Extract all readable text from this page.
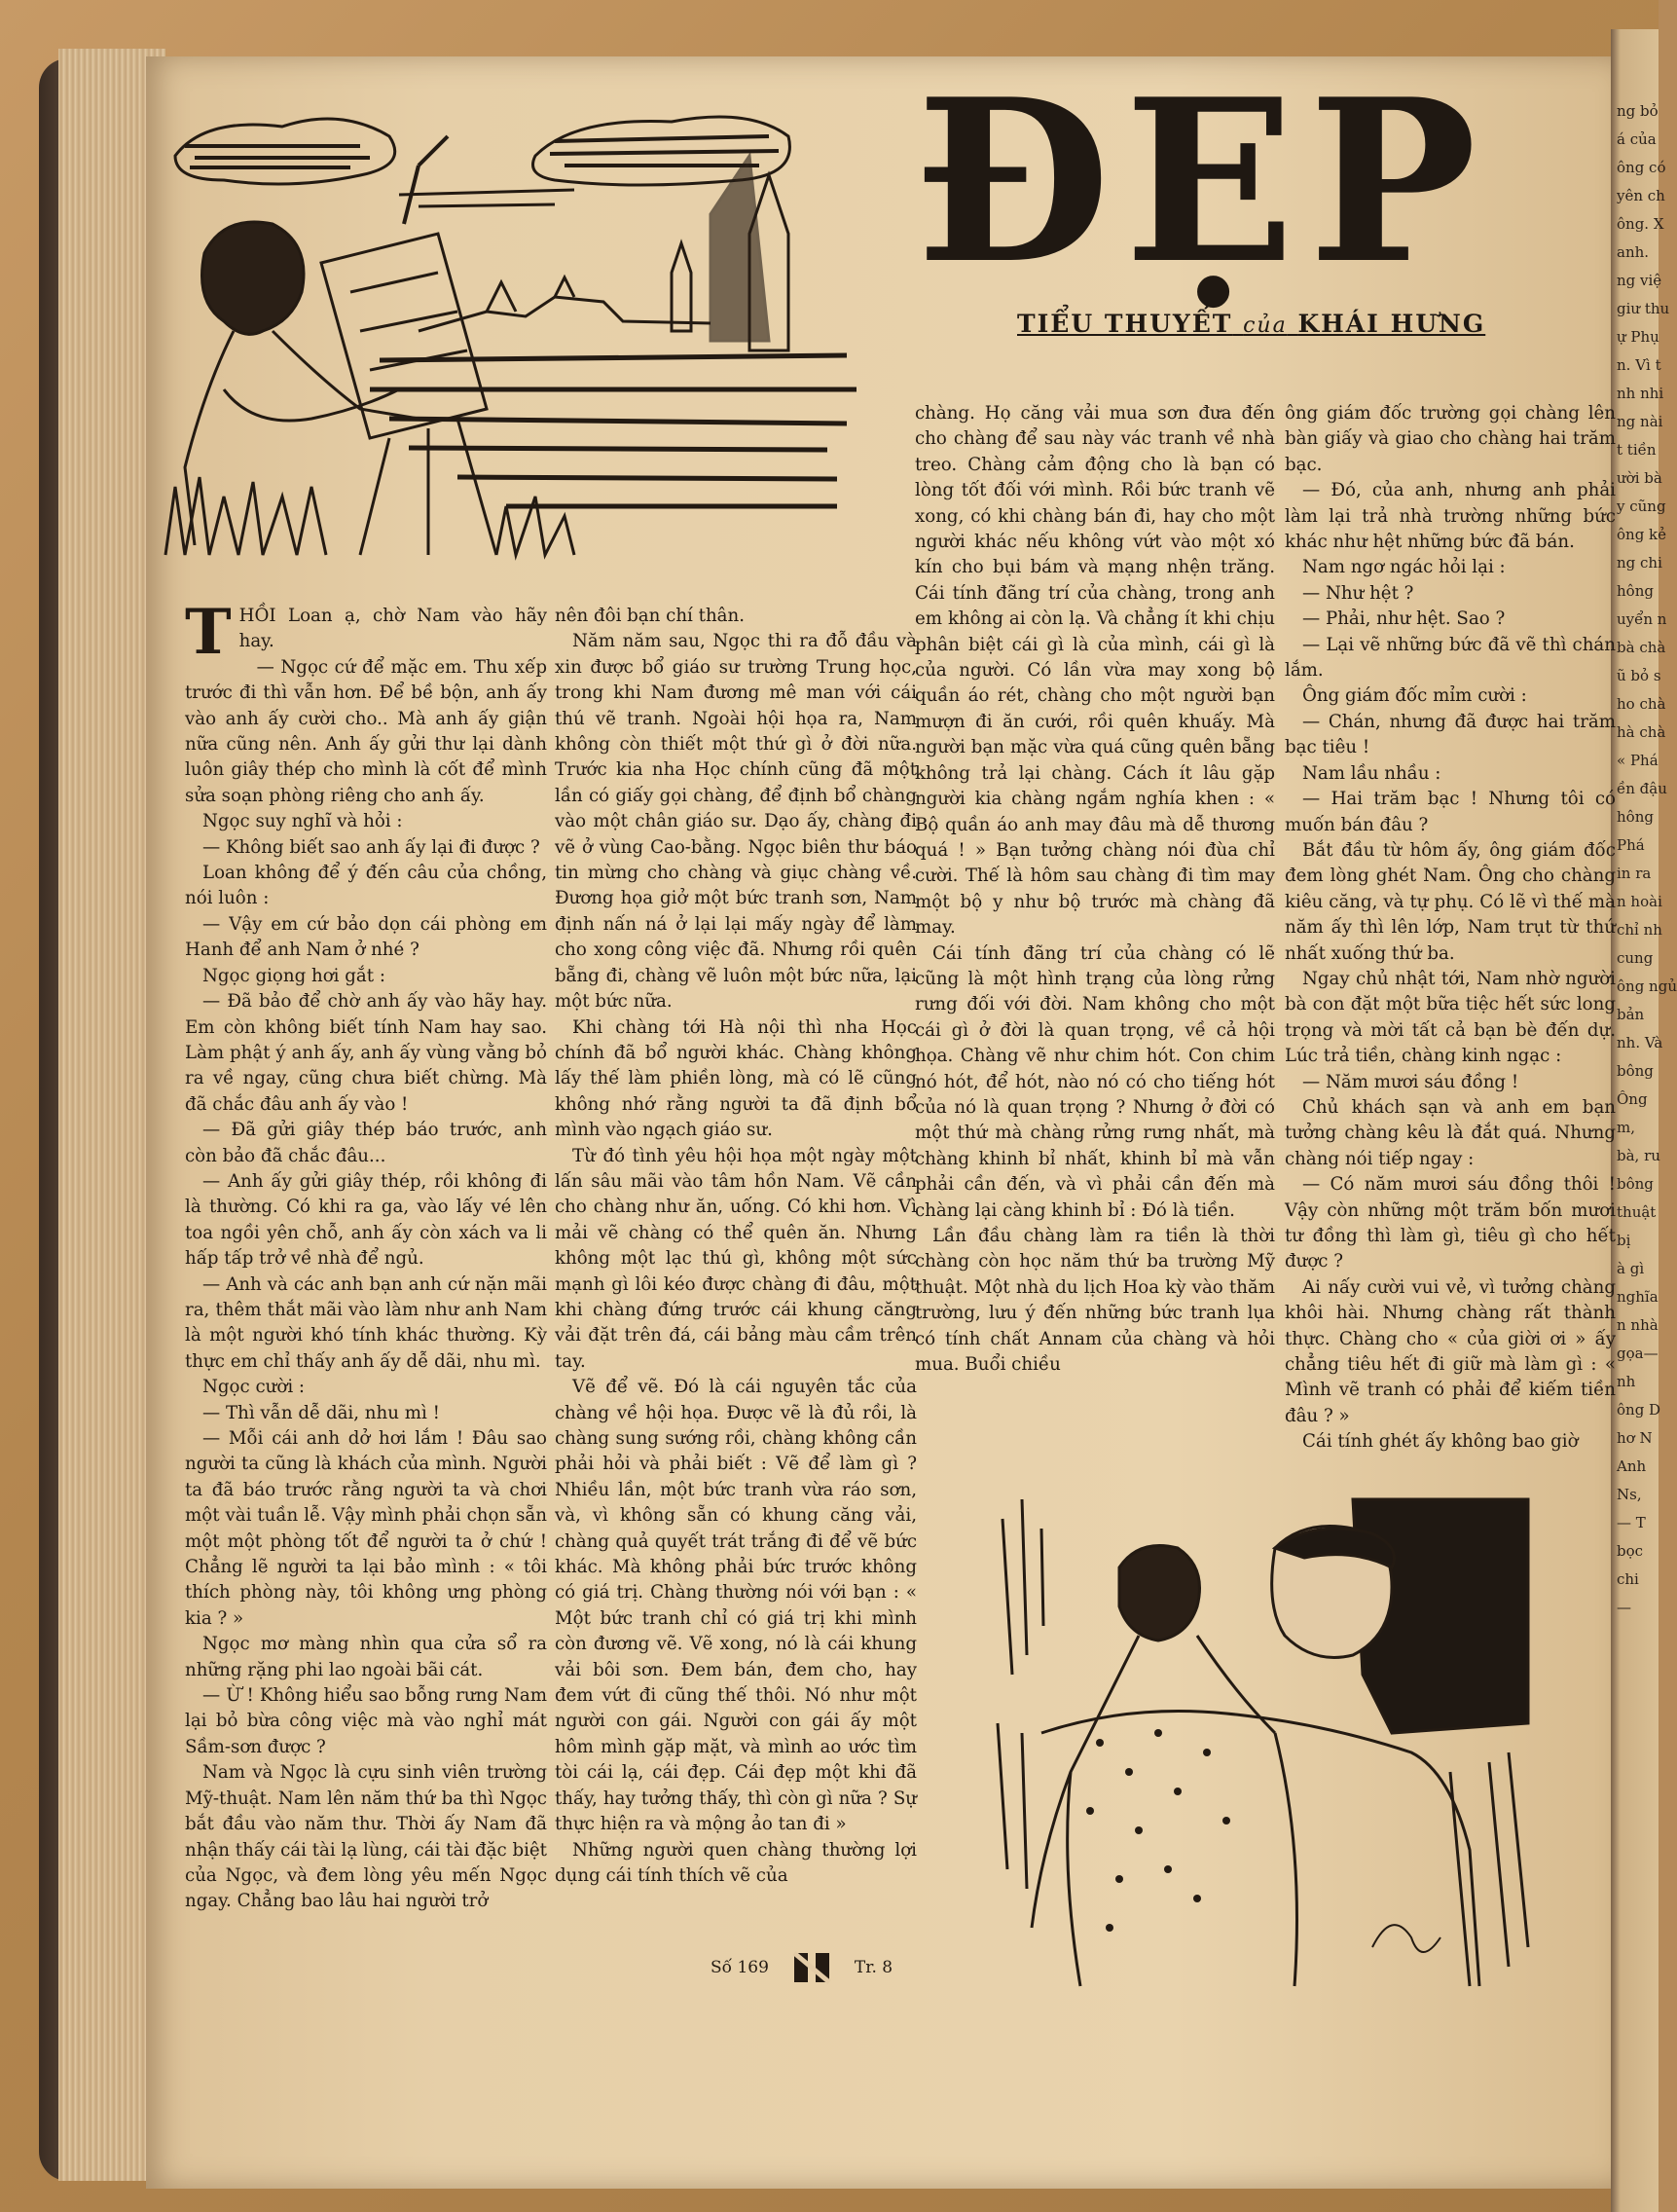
ng bỏ
á của
ông có
yên ch
ông. X
anh.
ng việ
giư thu
ự Phụ
n. Vì t
nh nhi
ng nài
t tiền
ười bà
y cũng
ông kẻ
ng chi
hông
uyển n
bà chà
ũ bỏ s
ho chà
hà chà
« Phá
ền đậu
hông
Phá
in ra
n hoài
chỉ nh
cung
ông ngủ
bản
nh. Và
bông
Ông
m,
bà, ru
bông
thuật
bị
à gì
nghĩa
n nhà
gọa—
nh
ông D
hơ N
Anh
Ns,
— T
bọc
chi
—
ĐẸP
TIỂU THUYẾT của KHÁI HƯNG
T HỒI Loan ạ, chờ Nam vào hãy hay.

— Ngọc cứ để mặc em. Thu xếp trước đi thì vẫn hơn. Để bề bộn, anh ấy vào anh ấy cười cho.. Mà anh ấy giận nữa cũng nên. Anh ấy gửi thư lại dành luôn giây thép cho mình là cốt để mình sửa soạn phòng riêng cho anh ấy.

Ngọc suy nghĩ và hỏi :

— Không biết sao anh ấy lại đi được ?

Loan không để ý đến câu của chồng, nói luôn :

— Vậy em cứ bảo dọn cái phòng em Hanh để anh Nam ở nhé ?

Ngọc giọng hơi gắt :

— Đã bảo để chờ anh ấy vào hãy hay. Em còn không biết tính Nam hay sao. Làm phật ý anh ấy, anh ấy vùng vằng bỏ ra về ngay, cũng chưa biết chừng. Mà đã chắc đâu anh ấy vào !

— Đã gửi giây thép báo trước, anh còn bảo đã chắc đâu...

— Anh ấy gửi giây thép, rồi không đi là thường. Có khi ra ga, vào lấy vé lên toa ngồi yên chỗ, anh ấy còn xách va li hấp tấp trở về nhà để ngủ.

— Anh và các anh bạn anh cứ nặn mãi ra, thêm thắt mãi vào làm như anh Nam là một người khó tính khác thường. Kỳ thực em chỉ thấy anh ấy dễ dãi, nhu mì.

Ngọc cười :

— Thì vẫn dễ dãi, nhu mì !

— Mỗi cái anh dở hơi lắm ! Đâu sao người ta cũng là khách của mình. Người ta đã báo trước rằng người ta và chơi một vài tuần lễ. Vậy mình phải chọn sẵn một một phòng tốt để người ta ở chứ ! Chẳng lẽ người ta lại bảo mình : « tôi thích phòng này, tôi không ưng phòng kia ? »

Ngọc mơ màng nhìn qua cửa sổ ra những rặng phi lao ngoài bãi cát.

— Ừ ! Không hiểu sao bỗng rưng Nam lại bỏ bừa công việc mà vào nghỉ mát Sầm-sơn được ?

Nam và Ngọc là cựu sinh viên trường Mỹ-thuật. Nam lên năm thứ ba thì Ngọc bắt đầu vào năm thư. Thời ấy Nam đã nhận thấy cái tài lạ lùng, cái tài đặc biệt của Ngọc, và đem lòng yêu mến Ngọc ngay. Chẳng bao lâu hai người trở

nên đôi bạn chí thân.

Năm năm sau, Ngọc thi ra đỗ đầu và xin được bổ giáo sư trường Trung học, trong khi Nam đương mê man với cái thú vẽ tranh. Ngoài hội họa ra, Nam không còn thiết một thứ gì ở đời nữa. Trước kia nha Học chính cũng đã một lần có giấy gọi chàng, để định bổ chàng vào một chân giáo sư. Dạo ấy, chàng đi vẽ ở vùng Cao-bằng. Ngọc biên thư báo tin mừng cho chàng và giục chàng về. Đương họa giở một bức tranh sơn, Nam định nấn ná ở lại lại mấy ngày để làm cho xong công việc đã. Nhưng rồi quên bẵng đi, chàng vẽ luôn một bức nữa, lại một bức nữa.

Khi chàng tới Hà nội thì nha Học chính đã bổ người khác. Chàng không lấy thế làm phiền lòng, mà có lẽ cũng không nhớ rằng người ta đã định bổ mình vào ngạch giáo sư.

Từ đó tình yêu hội họa một ngày một lấn sâu mãi vào tâm hồn Nam. Vẽ cần cho chàng như ăn, uống. Có khi hơn. Vì mải vẽ chàng có thể quên ăn. Nhưng không một lạc thú gì, không một sức mạnh gì lôi kéo được chàng đi đâu, một khi chàng đứng trước cái khung căng vải đặt trên đá, cái bảng màu cầm trên tay.

Vẽ để vẽ. Đó là cái nguyên tắc của chàng về hội họa. Được vẽ là đủ rồi, là chàng sung sướng rồi, chàng không cần phải hỏi và phải biết : Vẽ để làm gì ? Nhiều lần, một bức tranh vừa ráo sơn, và, vì không sẵn có khung căng vải, chàng quả quyết trát trắng đi để vẽ bức khác. Mà không phải bức trước không có giá trị. Chàng thường nói với bạn : « Một bức tranh chỉ có giá trị khi mình còn đương vẽ. Vẽ xong, nó là cái khung vải bôi sơn. Đem bán, đem cho, hay đem vứt đi cũng thế thôi. Nó như một người con gái. Người con gái ấy một hôm mình gặp mặt, và mình ao ước tìm tòi cái lạ, cái đẹp. Cái đẹp một khi đã thấy, hay tưởng thấy, thì còn gì nữa ? Sự thực hiện ra và mộng ảo tan đi »

Những người quen chàng thường lợi dụng cái tính thích vẽ của

chàng. Họ căng vải mua sơn đưa đến cho chàng để sau này vác tranh về nhà treo. Chàng cảm động cho là bạn có lòng tốt đối với mình. Rồi bức tranh vẽ xong, có khi chàng bán đi, hay cho một người khác nếu không vứt vào một xó kín cho bụi bám và mạng nhện trăng. Cái tính đãng trí của chàng, trong anh em không ai còn lạ. Và chẳng ít khi chịu phân biệt cái gì là của mình, cái gì là của người. Có lần vừa may xong bộ quần áo rét, chàng cho một người bạn mượn đi ăn cưới, rồi quên khuấy. Mà người bạn mặc vừa quá cũng quên bẵng không trả lại chàng. Cách ít lâu gặp người kia chàng ngắm nghía khen : « Bộ quần áo anh may đâu mà dễ thương quá ! » Bạn tưởng chàng nói đùa chỉ cười. Thế là hôm sau chàng đi tìm may một bộ y như bộ trước mà chàng đã may.

Cái tính đãng trí của chàng có lẽ cũng là một hình trạng của lòng rửng rưng đối với đời. Nam không cho một cái gì ở đời là quan trọng, về cả hội họa. Chàng vẽ như chim hót. Con chim nó hót, để hót, nào nó có cho tiếng hót của nó là quan trọng ? Nhưng ở đời có một thứ mà chàng rửng rưng nhất, mà chàng khinh bỉ nhất, khinh bỉ mà vẫn phải cần đến, và vì phải cần đến mà chàng lại càng khinh bỉ : Đó là tiền.

Lần đầu chàng làm ra tiền là thời chàng còn học năm thứ ba trường Mỹ thuật. Một nhà du lịch Hoa kỳ vào thăm trường, lưu ý đến những bức tranh lụa có tính chất Annam của chàng và hỏi mua. Buổi chiều

ông giám đốc trường gọi chàng lên bàn giấy và giao cho chàng hai trăm bạc.

— Đó, của anh, nhưng anh phải làm lại trả nhà trường những bức khác như hệt những bức đã bán.

Nam ngơ ngác hỏi lại :

— Như hệt ?

— Phải, như hệt. Sao ?

— Lại vẽ những bức đã vẽ thì chán lắm.

Ông giám đốc mỉm cười :

— Chán, nhưng đã được hai trăm bạc tiêu !

Nam lầu nhầu :

— Hai trăm bạc ! Nhưng tôi có muốn bán đâu ?

Bắt đầu từ hôm ấy, ông giám đốc đem lòng ghét Nam. Ông cho chàng kiêu căng, và tự phụ. Có lẽ vì thế mà năm ấy thì lên lớp, Nam trụt từ thứ nhất xuống thứ ba.

Ngay chủ nhật tới, Nam nhờ người bà con đặt một bữa tiệc hết sức long trọng và mời tất cả bạn bè đến dự. Lúc trả tiền, chàng kinh ngạc :

— Năm mươi sáu đồng !

Chủ khách sạn và anh em bạn tưởng chàng kêu là đắt quá. Nhưng chàng nói tiếp ngay :

— Có năm mươi sáu đồng thôi ! Vậy còn những một trăm bốn mươi tư đồng thì làm gì, tiêu gì cho hết được ?

Ai nấy cười vui vẻ, vì tưởng chàng khôi hài. Nhưng chàng rất thành thực. Chàng cho « của giời ơi » ấy chẳng tiêu hết đi giữ mà làm gì : « Mình vẽ tranh có phải để kiếm tiền đâu ? »

Cái tính ghét ấy không bao giờ

Số 169	Tr. 8
